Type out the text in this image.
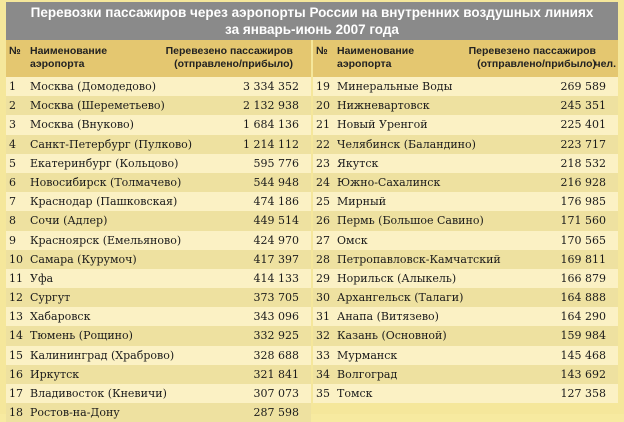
Перевозки пассажиров через аэропорты России на внутренних воздушных линиях
за январь-июнь 2007 года
№ Наименование
аэропорта
Перевезено пассажиров
(отправлено/прибыло)
1 Москва (Домодедово)	3 334 352
2 Москва (Шереметьево)	2 132 938
3 Москва (Внуково)	1 684 136
4 Санкт-Петербург (Пулково)	1 214 112
5 Екатеринбург (Кольцово)	595 776
6 Новосибирск (Толмачево)	544 948
7 Краснодар (Пашковская)	474 186
8 Сочи (Адлер)	449 514
9 Красноярск (Емельяново)	424 970
10 Самара (Курумоч)	417 397
11 Уфа	414 133
12 Сургут	373 705
13 Хабаровск	343 096
14 Тюмень (Рощино)	332 925
15 Калининград (Храброво)	328 688
16 Иркутск	321 841
17 Владивосток (Кневичи)	307 073
18 Ростов-на-Дону	287 598
№ Наименование
аэропорта
Перевезено пассажиров
(отправлено/прибыло)
чел.
19 Минеральные Воды	269 589
20 Нижневартовск	245 351
21 Новый Уренгой	225 401
22 Челябинск (Баландино)	223 717
23 Якутск	218 532
24 Южно-Сахалинск	216 928
25 Мирный	176 985
26 Пермь (Большое Савино)	171 560
27 Омск	170 565
28 Петропавловск-Камчатский	169 811
29 Норильск (Алыкель)	166 879
30 Архангельск (Талаги)	164 888
31 Анапа (Витязево)	164 290
32 Казань (Основной)	159 984
33 Мурманск	145 468
34 Волгоград	143 692
35 Томск	127 358
